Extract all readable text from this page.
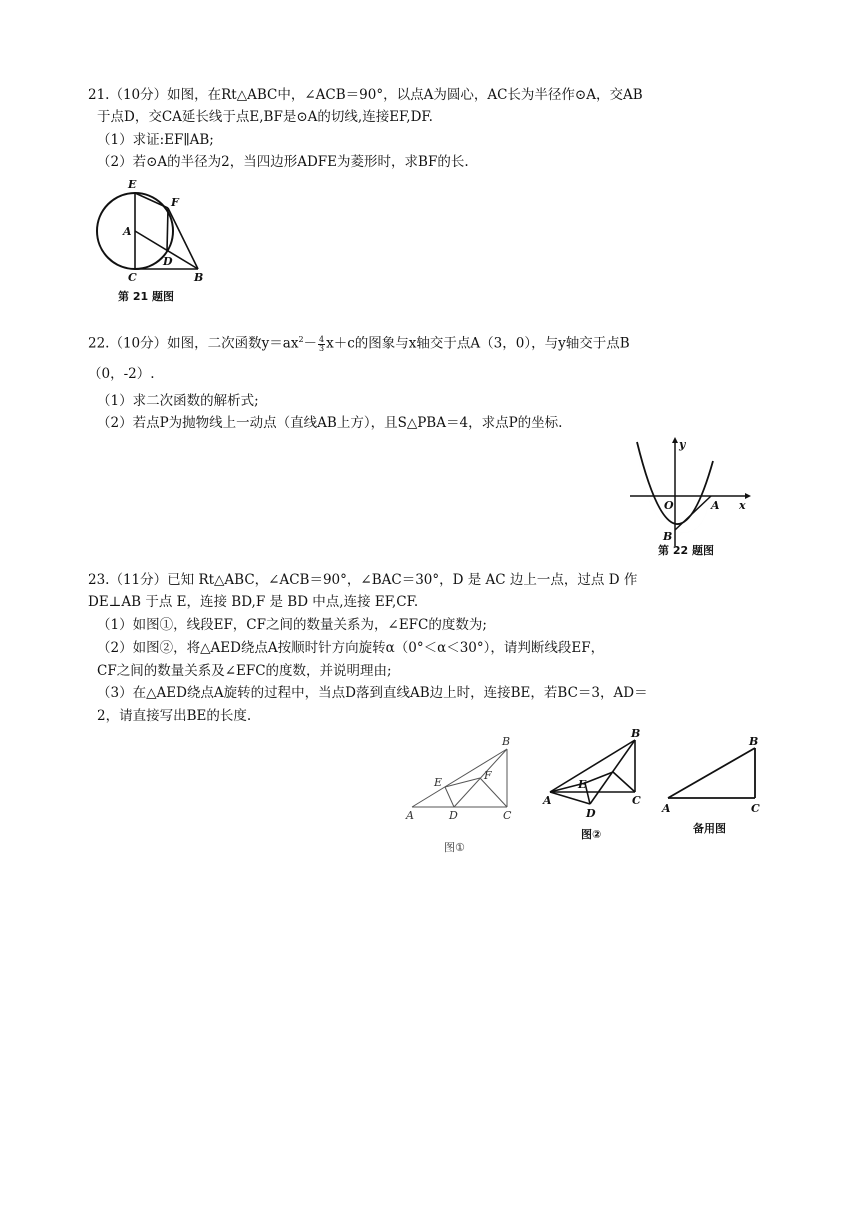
21.（10分）如图，在Rt△ABC中，∠ACB＝90°，以点A为圆心，AC长为半径作⊙A，交AB
于点D，交CA延长线于点E,BF是⊙A的切线,连接EF,DF.
（1）求证:EF∥AB;
（2）若⊙A的半径为2，当四边形ADFE为菱形时，求BF的长.
E
F
A
D
C	B
第 21 题图
22.（10分）如图，二次函数$y=ax^2- \frac{4}{3} x+c$的图象与x轴交于点A（3，0），与y轴交于点B
（0，-2）.
（1）求二次函数的解析式;
（2）若点P为抛物线上一动点（直线AB上方），且S△PBA＝4，求点P的坐标.
y
O	A x
B
第 22 题图
23.（11分）已知 Rt△ABC，∠ACB＝90°，∠BAC＝30°，D 是 AC 边上一点，过点 D 作
DE⊥AB 于点 E，连接 BD,F 是 BD 中点,连接 EF,CF.
（1）如图①，线段EF，CF之间的数量关系为，∠EFC的度数为;
（2）如图②，将△AED绕点A按顺时针方向旋转α（0°＜α＜30°），请判断线段EF，
CF之间的数量关系及∠EFC的度数，并说明理由;
（3）在△AED绕点A旋转的过程中，当点D落到直线AB边上时，连接BE，若BC＝3，AD＝
2，请直接写出BE的长度.
B
E
F
A	D	C
图①
B
E
A
D
C
图②
B
A	C
备用图
